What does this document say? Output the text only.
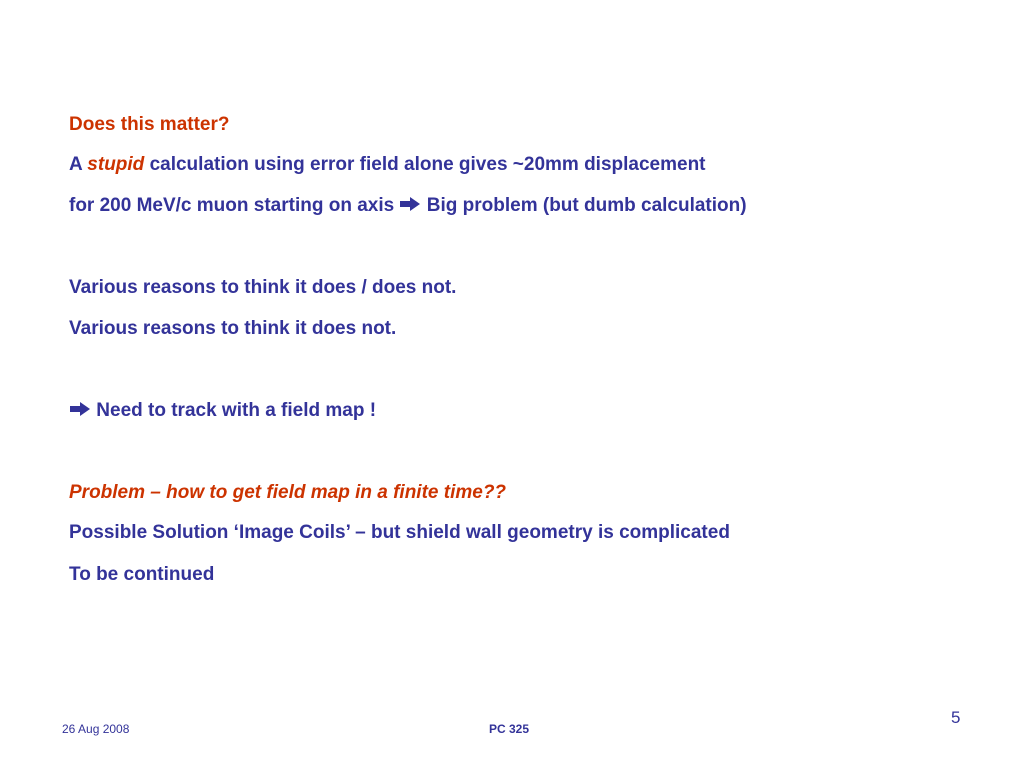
Does this matter?
A stupid calculation using error field alone gives ~20mm displacement
for 200 MeV/c muon starting on axis
Big problem (but dumb calculation)
Various reasons to think it does / does not.
Various reasons to think it does not.
Need to track with a field map !
Problem – how to get field map in a finite time??
Possible Solution ‘Image Coils’ – but shield wall geometry is complicated
To be continued
26 Aug 2008	PC 325
5
